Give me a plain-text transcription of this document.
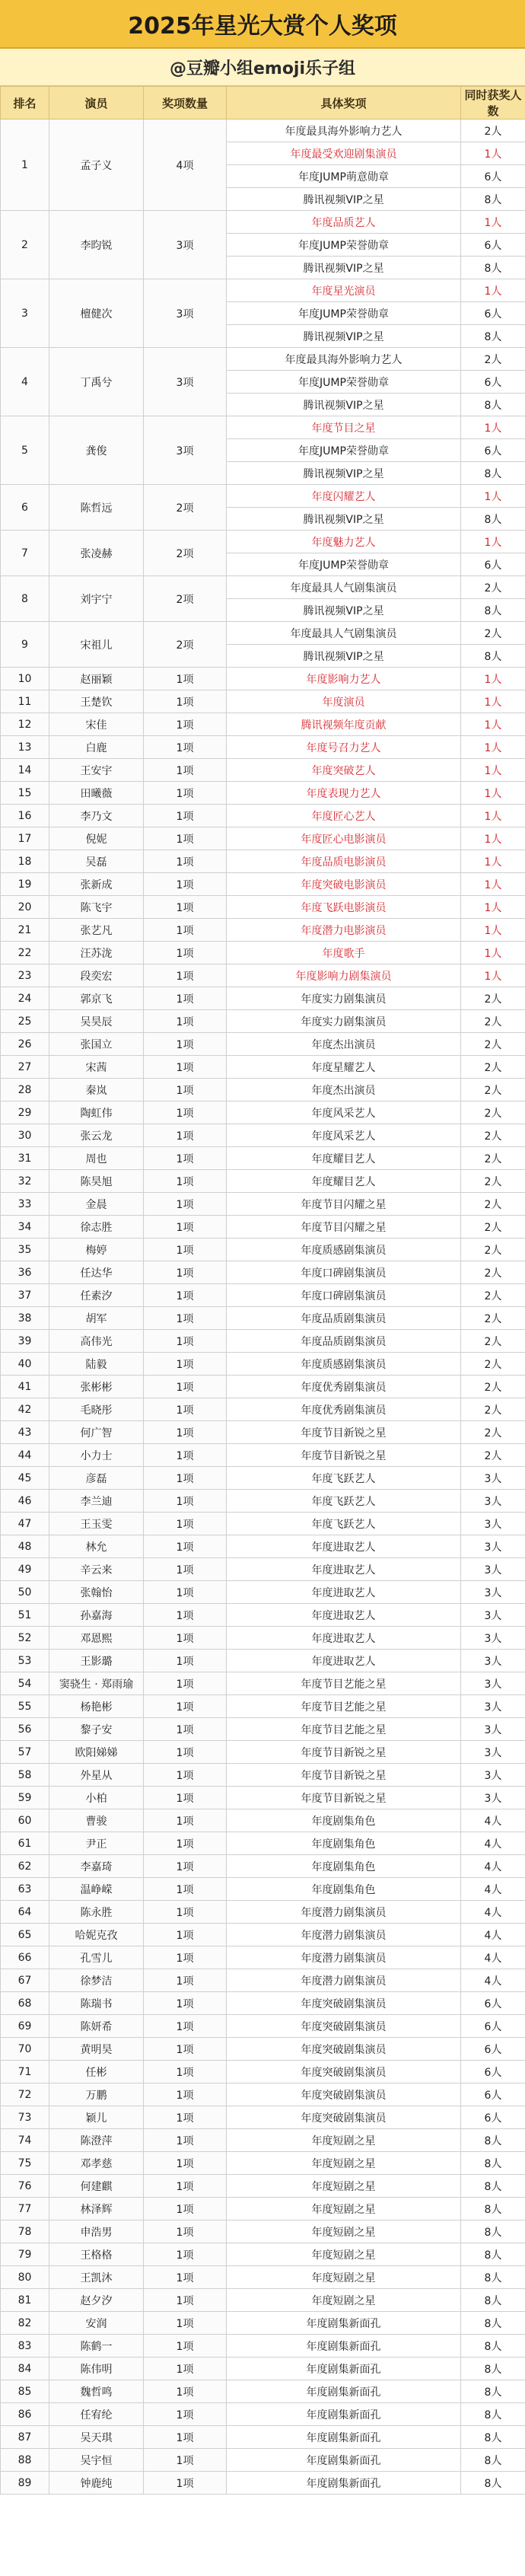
2025年星光大赏个人奖项
@豆瓣小组emoji乐子组
排名	演员	奖项数量	具体奖项	同时获奖人数
1	孟子义	4项	年度最具海外影响力艺人	2人
			年度最受欢迎剧集演员	1人
			年度JUMP萌意勋章	6人
			腾讯视频VIP之星	8人
2	李昀锐	3项	年度品质艺人	1人
			年度JUMP荣誉勋章	6人
			腾讯视频VIP之星	8人
3	檀健次	3项	年度星光演员	1人
			年度JUMP荣誉勋章	6人
			腾讯视频VIP之星	8人
4	丁禹兮	3项	年度最具海外影响力艺人	2人
			年度JUMP荣誉勋章	6人
			腾讯视频VIP之星	8人
5	龚俊	3项	年度节目之星	1人
			年度JUMP荣誉勋章	6人
			腾讯视频VIP之星	8人
6	陈哲远	2项	年度闪耀艺人	1人
			腾讯视频VIP之星	8人
7	张凌赫	2项	年度魅力艺人	1人
			年度JUMP荣誉勋章	6人
8	刘宇宁	2项	年度最具人气剧集演员	2人
			腾讯视频VIP之星	8人
9	宋祖儿	2项	年度最具人气剧集演员	2人
			腾讯视频VIP之星	8人
10	赵丽颖	1项	年度影响力艺人	1人
11	王楚钦	1项	年度演员	1人
12	宋佳	1项	腾讯视频年度贡献	1人
13	白鹿	1项	年度号召力艺人	1人
14	王安宇	1项	年度突破艺人	1人
15	田曦薇	1项	年度表现力艺人	1人
16	李乃文	1项	年度匠心艺人	1人
17	倪妮	1项	年度匠心电影演员	1人
18	吴磊	1项	年度品质电影演员	1人
19	张新成	1项	年度突破电影演员	1人
20	陈飞宇	1项	年度飞跃电影演员	1人
21	张艺凡	1项	年度潜力电影演员	1人
22	汪苏泷	1项	年度歌手	1人
23	段奕宏	1项	年度影响力剧集演员	1人
24	郭京飞	1项	年度实力剧集演员	2人
25	吴昊辰	1项	年度实力剧集演员	2人
26	张国立	1项	年度杰出演员	2人
27	宋茜	1项	年度星耀艺人	2人
28	秦岚	1项	年度杰出演员	2人
29	陶虹伟	1项	年度风采艺人	2人
30	张云龙	1项	年度风采艺人	2人
31	周也	1项	年度耀目艺人	2人
32	陈昊旭	1项	年度耀目艺人	2人
33	金晨	1项	年度节目闪耀之星	2人
34	徐志胜	1项	年度节目闪耀之星	2人
35	梅婷	1项	年度质感剧集演员	2人
36	任达华	1项	年度口碑剧集演员	2人
37	任素汐	1项	年度口碑剧集演员	2人
38	胡军	1项	年度品质剧集演员	2人
39	高伟光	1项	年度品质剧集演员	2人
40	陆毅	1项	年度质感剧集演员	2人
41	张彬彬	1项	年度优秀剧集演员	2人
42	毛晓彤	1项	年度优秀剧集演员	2人
43	何广智	1项	年度节目新锐之星	2人
44	小力士	1项	年度节目新锐之星	2人
45	彦磊	1项	年度飞跃艺人	3人
46	李兰迪	1项	年度飞跃艺人	3人
47	王玉雯	1项	年度飞跃艺人	3人
48	林允	1项	年度进取艺人	3人
49	辛云来	1项	年度进取艺人	3人
50	张翰怡	1项	年度进取艺人	3人
51	孙嘉海	1项	年度进取艺人	3人
52	邓恩熙	1项	年度进取艺人	3人
53	王影璐	1项	年度进取艺人	3人
54	窦骁生 · 郑雨瑜	1项	年度节目艺能之星	3人
55	杨艳彬	1项	年度节目艺能之星	3人
56	黎子安	1项	年度节目艺能之星	3人
57	欧阳娣娣	1项	年度节目新锐之星	3人
58	外星从	1项	年度节目新锐之星	3人
59	小柏	1项	年度节目新锐之星	3人
60	曹骏	1项	年度剧集角色	4人
61	尹正	1项	年度剧集角色	4人
62	李嘉琦	1项	年度剧集角色	4人
63	温峥嵘	1项	年度剧集角色	4人
64	陈永胜	1项	年度潜力剧集演员	4人
65	哈妮克孜	1项	年度潜力剧集演员	4人
66	孔雪儿	1项	年度潜力剧集演员	4人
67	徐梦洁	1项	年度潜力剧集演员	4人
68	陈瑞书	1项	年度突破剧集演员	6人
69	陈妍希	1项	年度突破剧集演员	6人
70	黄明昊	1项	年度突破剧集演员	6人
71	任彬	1项	年度突破剧集演员	6人
72	万鹏	1项	年度突破剧集演员	6人
73	颖儿	1项	年度突破剧集演员	6人
74	陈澄萍	1项	年度短剧之星	8人
75	邓孝慈	1项	年度短剧之星	8人
76	何建麒	1项	年度短剧之星	8人
77	林泽辉	1项	年度短剧之星	8人
78	申浩男	1项	年度短剧之星	8人
79	王格格	1项	年度短剧之星	8人
80	王凯沐	1项	年度短剧之星	8人
81	赵夕汐	1项	年度短剧之星	8人
82	安润	1项	年度剧集新面孔	8人
83	陈鹤一	1项	年度剧集新面孔	8人
84	陈伟明	1项	年度剧集新面孔	8人
85	魏哲鸣	1项	年度剧集新面孔	8人
86	任宥纶	1项	年度剧集新面孔	8人
87	吴天琪	1项	年度剧集新面孔	8人
88	吴宇恒	1项	年度剧集新面孔	8人
89	钟鹿纯	1项	年度剧集新面孔	8人
